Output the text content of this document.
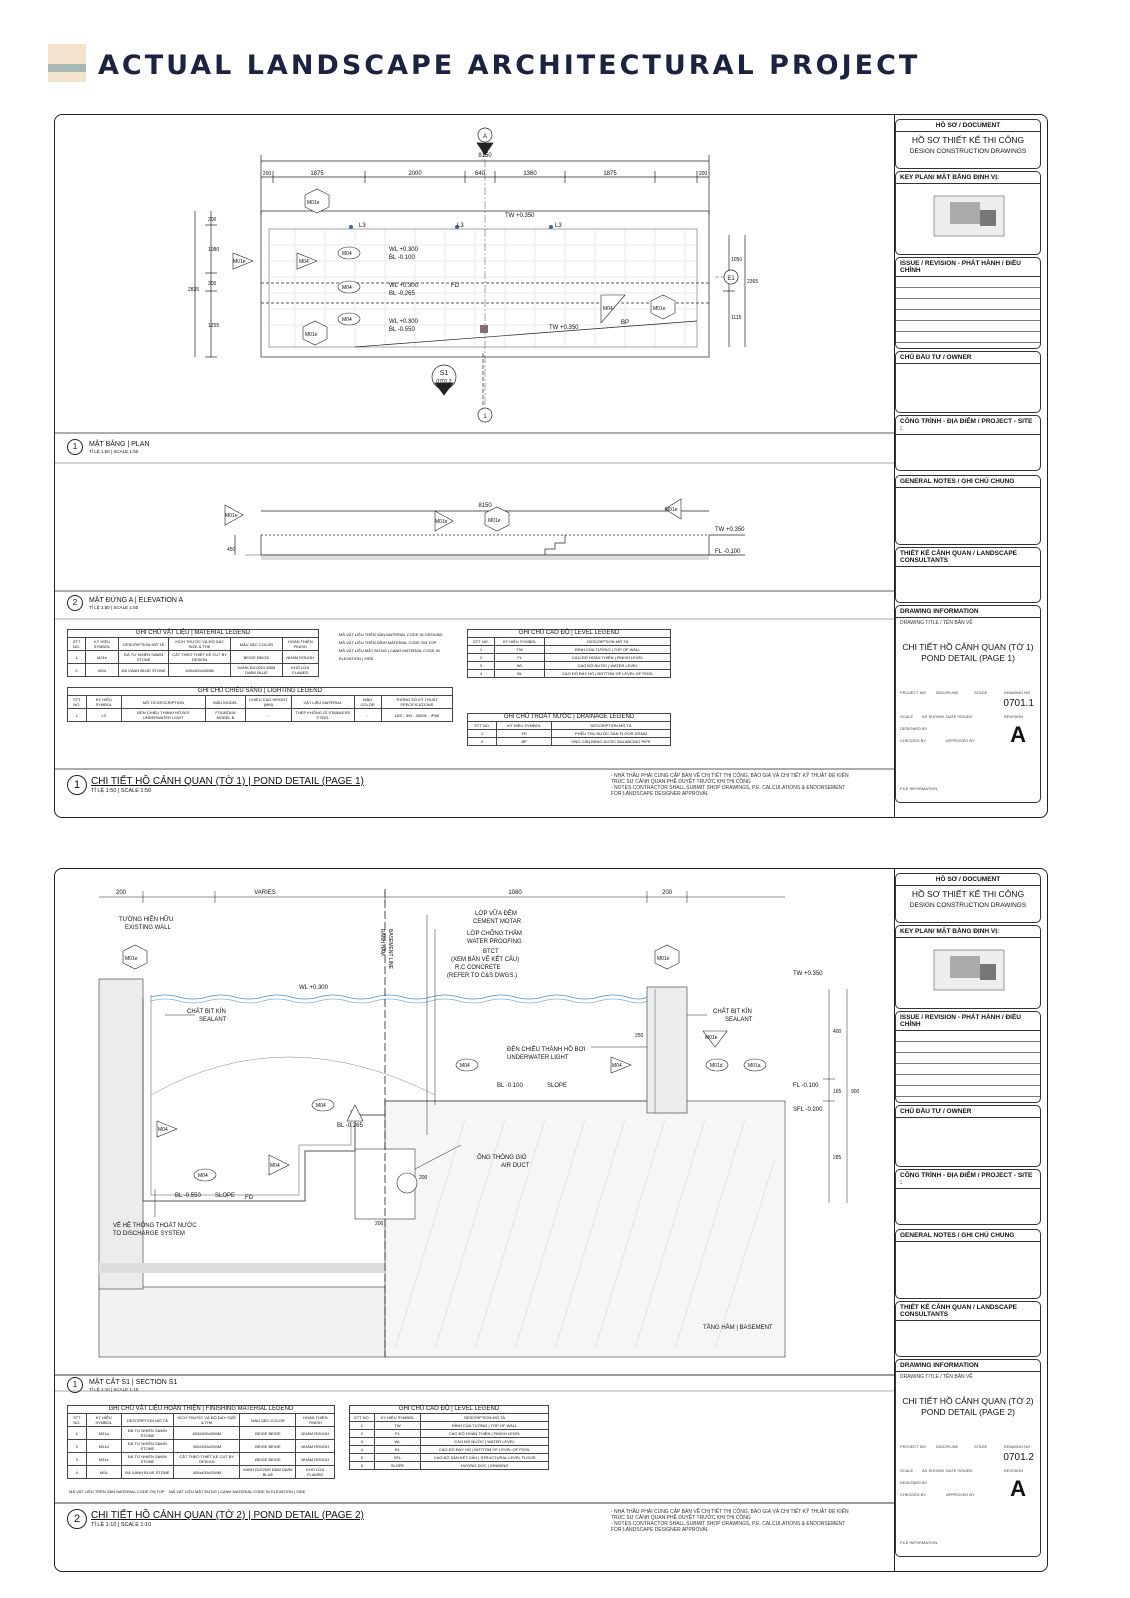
ACTUAL LANDSCAPE ARCHITECTURAL PROJECT
A
1
E1
S1
0701.2
8150
200	1875	2000	640	1360	1875	200
200
1080
300
1255
2835
1050
1115
2365
TW +0.350
TW +0.350
WL +0.300
BL -0.100
WL +0.300
BL -0.265
WL +0.300
BL -0.550
FD
BP
L3	L3	L3
M01e
M01e
M01e
M01e	M04
M04
M04
M04
M04
8150
450
TW +0.350
FL -0.100
M01e
M01e
M01e
M01e
1	MẶT BẰNG | PLAN
TỈ LỆ 1:50 | SCALE 1:50
2	MẶT ĐỨNG A | ELEVATION A
TỈ LỆ 1:50 | SCALE 1:50
GHI CHÚ VẬT LIỆU | MATERIAL LEGEND					
STT NO.	KÝ HIỆU SYMBOL	DESCRIPTION MÔ TẢ	KÍCH THƯỚC VÀ ĐỘ DÀY SIZE & THK	MÀU SẮC COLOR	HOÀN THIỆN FINISH
1	M01e	ĐÁ TỰ NHIÊN SAWN STONE	CẮT THEO THIẾT KẾ CUT BY DESIGN	BEIGE BEIGE	NHÁM ROUGH
2	M04	ĐÁ XANH BLUE STONE	400x400x20MM	XANH DƯƠNG ĐẬM DARK BLUE	KHÒ LỬA FLAMED
MÃ VẬT LIỆU TRÊN SÀN MATERIAL CODE IN GROUND
MÃ VẬT LIỆU TRÊN ĐỈNH MATERIAL CODE ON TOP
MÃ VẬT LIỆU MẶT ĐỨNG | CẠNH MATERIAL CODE IN ELEVATION | SIDE
GHI CHÚ CHIẾU SÁNG | LIGHTING LEGEND							
STT NO.	KÝ HIỆU SYMBOL	MÔ TẢ DESCRIPTION	MẪU MODEL	CHIỀU CAO HEIGHT (MM)	VẬT LIỆU MATERIAL	MÀU COLOR	THÔNG SỐ KỸ THUẬT SPECIFICATIONS
1	L3	ĐÈN CHIẾU THÀNH HỒ BƠI UNDERWATER LIGHT	FOUNTAIN MODEL B	-	THÉP KHÔNG GỈ STAINLESS STEEL	-	LED - 9W - 3000K - IP68
GHI CHÚ CAO ĐỘ | LEVEL LEGEND		
STT NO.	KÝ HIỆU SYMBOL	DESCRIPTION MÔ TẢ
1	TW	ĐỈNH CỦA TƯỜNG | TOP OF WALL
2	FL	CAO ĐỘ HOÀN THIỆN | FINISH LEVEL
3	WL	CAO ĐỘ NƯỚC | WATER LEVEL
4	BL	CAO ĐỘ ĐÁY HỒ | BOTTOM OF LEVEL OF POOL
GHI CHÚ THOÁT NƯỚC | DRAINAGE LEGEND		
STT NO.	KÝ HIỆU SYMBOL	DESCRIPTION MÔ TẢ
1	FD	PHỄU THU NƯỚC SÀN FLOOR DRAIN
2	BP	ỐNG CÂN BẰNG NƯỚC BALANCING PIPE
1	CHI TIẾT HỒ CẢNH QUAN (TỜ 1) | POND DETAIL (PAGE 1)
TỈ LỆ 1:50 | SCALE 1:50
- NHÀ THẦU PHẢI CUNG CẤP BẢN VẼ CHI TIẾT THI CÔNG, BÁO GIÁ VÀ CHI TIẾT KỸ THUẬT ĐỂ KIẾN
TRÚC SƯ CẢNH QUAN PHÊ DUYỆT TRƯỚC KHI THI CÔNG
- NOTES CONTRACTOR SHALL SUBMIT SHOP DRAWINGS, P.E. CALCULATIONS & ENDORSEMENT
FOR LANDSCAPE DESIGNER APPROVAL
HỒ SƠ / DOCUMENT
HỒ SƠ THIẾT KẾ THI CÔNG
DESIGN CONSTRUCTION DRAWINGS
KEY PLAN/ MẶT BẰNG ĐỊNH VỊ:
ISSUE / REVISION - PHÁT HÀNH / ĐIỀU CHỈNH
CHỦ ĐẦU TƯ / OWNER
CÔNG TRÌNH - ĐỊA ĐIỂM / PROJECT - SITE :
GENERAL NOTES / GHI CHÚ CHUNG
THIẾT KẾ CẢNH QUAN / LANDSCAPE CONSULTANTS
DRAWING INFORMATION
DRAWING TITLE / TÊN BẢN VẼ
CHI TIẾT HỒ CẢNH QUAN (TỜ 1)
POND DETAIL (PAGE 1)
PROJECT NO	DISCIPLINE	STAGE	DRAWING NO
0701.1
SCALE AS SHOWN DATE ISSUED	REVISION
DESIGNED BY
CHECKED BY	APPROVED BY A
FILE INFORMATION
200	VARIES	1080	200
TƯỜNG HIỆN HỮU
EXISTING WALL
RANH HẦM BASEMENT LINE
LỚP VỮA ĐỆM
CEMENT MOTAR
LỚP CHỐNG THẤM
WATER PROOFING
BTCT
(XEM BẢN VẼ KẾT CẤU)
R.C CONCRETE
(REFER TO C&S DWGS.)
CHẤT BỊT KÍN
SEALANT
CHẤT BỊT KÍN
SEALANT
ĐÈN CHIẾU THÀNH HỒ BƠI
UNDERWATER LIGHT
WL +0.300
TW +0.350
BL -0.100
BL -0.265
BL -0.550
FL -0.100
SFL -0.200
SLOPE
SLOPE FD
ỐNG THÔNG GIÓ
AIR DUCT
VỀ HỆ THỐNG THOÁT NƯỚC
TO DISCHARGE SYSTEM
TẦNG HẦM | BASEMENT
400
165
285
900
250
200
200
M01e	M01e
M01e
M04
M04
M04
M04
M04
M04	M01d	M01a
1	MẶT CẮT S1 | SECTION S1
TỈ LỆ 1:10 | SCALE 1:10
GHI CHÚ VẬT LIỆU HOÀN THIỆN | FINISHING MATERIAL LEGEND					
STT NO.	KÝ HIỆU SYMBOL	DESCRIPTION MÔ TẢ	KÍCH THƯỚC VÀ ĐỘ DÀY SIZE & THK	MÀU SẮC COLOR	HOÀN THIỆN FINISH
1	M01a	ĐÁ TỰ NHIÊN SAWN STONE	600x300x20MM	BEIGE BEIGE	NHÁM ROUGH
2	M01d	ĐÁ TỰ NHIÊN SAWN STONE	300x300x20MM	BEIGE BEIGE	NHÁM ROUGH
3	M01e	ĐÁ TỰ NHIÊN SAWN STONE	CẮT THEO THIẾT KẾ CUT BY DESIGN	BEIGE BEIGE	NHÁM ROUGH
4	M04	ĐÁ XANH BLUE STONE	400x400x20MM	XANH DƯƠNG ĐẬM DARK BLUE	KHÒ LỬA FLAMED
MÃ VẬT LIỆU TRÊN SÀN MATERIAL CODE ON TOP MÃ VẬT LIỆU MẶT ĐỨNG | CẠNH MATERIAL CODE IN ELEVATION | SIDE
GHI CHÚ CAO ĐỘ | LEVEL LEGEND		
STT NO.	KÝ HIỆU SYMBOL	DESCRIPTION MÔ TẢ
1	TW	ĐỈNH CỦA TƯỜNG | TOP OF WALL
2	FL	CAO ĐỘ HOÀN THIỆN | FINISH LEVEL
3	WL	CAO ĐỘ NƯỚC | WATER LEVEL
4	BL	CAO ĐỘ ĐÁY HỒ | BOTTOM OF LEVEL OF POOL
5	SFL	CAO ĐỘ SÀN KẾT CẤU | STRUCTURAL LEVEL FLOOR
6	SLOPE	HƯỚNG DỐC | GRADING
2	CHI TIẾT HỒ CẢNH QUAN (TỜ 2) | POND DETAIL (PAGE 2)
TỈ LỆ 1:10 | SCALE 1:10
- NHÀ THẦU PHẢI CUNG CẤP BẢN VẼ CHI TIẾT THI CÔNG, BÁO GIÁ VÀ CHI TIẾT KỸ THUẬT ĐỂ KIẾN
TRÚC SƯ CẢNH QUAN PHÊ DUYỆT TRƯỚC KHI THI CÔNG
- NOTES CONTRACTOR SHALL SUBMIT SHOP DRAWINGS, P.E. CALCULATIONS & ENDORSEMENT
FOR LANDSCAPE DESIGNER APPROVAL
HỒ SƠ / DOCUMENT
HỒ SƠ THIẾT KẾ THI CÔNG
DESIGN CONSTRUCTION DRAWINGS
KEY PLAN/ MẶT BẰNG ĐỊNH VỊ:
ISSUE / REVISION - PHÁT HÀNH / ĐIỀU CHỈNH
CHỦ ĐẦU TƯ / OWNER
CÔNG TRÌNH - ĐỊA ĐIỂM / PROJECT - SITE :
GENERAL NOTES / GHI CHÚ CHUNG
THIẾT KẾ CẢNH QUAN / LANDSCAPE CONSULTANTS
DRAWING INFORMATION
DRAWING TITLE / TÊN BẢN VẼ
CHI TIẾT HỒ CẢNH QUAN (TỜ 2)
POND DETAIL (PAGE 2)
PROJECT NO	DISCIPLINE	STAGE	DRAWING NO
0701.2
SCALE AS SHOWN DATE ISSUED	REVISION
DESIGNED BY
CHECKED BY	APPROVED BY A
FILE INFORMATION
